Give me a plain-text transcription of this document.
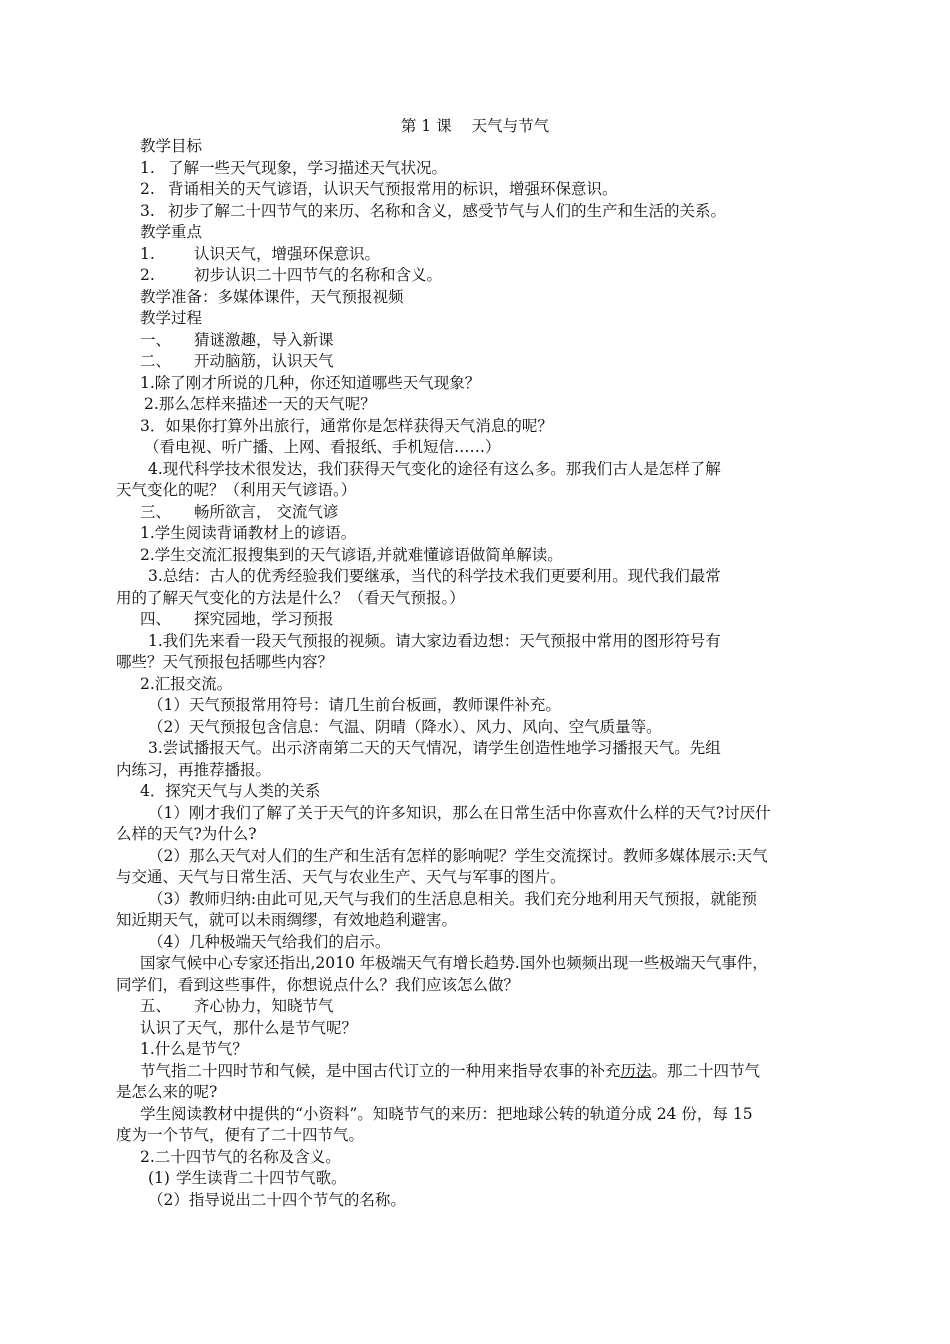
第 1 课 天气与节气
教学目标
1. 了解一些天气现象，学习描述天气状况。
2. 背诵相关的天气谚语，认识天气预报常用的标识，增强环保意识。
3. 初步了解二十四节气的来历、名称和含义，感受节气与人们的生产和生活的关系。
教学重点
1.	认识天气，增强环保意识。
2.	初步认识二十四节气的名称和含义。
教学准备：多媒体课件，天气预报视频
教学过程
一、 猜谜激趣，导入新课
二、 开动脑筋，认识天气
1.除了刚才所说的几种，你还知道哪些天气现象？
2.那么怎样来描述一天的天气呢？
3．如果你打算外出旅行，通常你是怎样获得天气消息的呢？
（看电视、听广播、上网、看报纸、手机短信……）
4.现代科学技术很发达，我们获得天气变化的途径有这么多。那我们古人是怎样了解
天气变化的呢？（利用天气谚语。）
三、 畅所欲言， 交流气谚
1.学生阅读背诵教材上的谚语。
2.学生交流汇报搜集到的天气谚语,并就难懂谚语做简单解读。
3.总结：古人的优秀经验我们要继承，当代的科学技术我们更要利用。现代我们最常
用的了解天气变化的方法是什么？（看天气预报。）
四、 探究园地，学习预报
1.我们先来看一段天气预报的视频。请大家边看边想：天气预报中常用的图形符号有
哪些？天气预报包括哪些内容？
2.汇报交流。
（1）天气预报常用符号：请几生前台板画，教师课件补充。
（2）天气预报包含信息：气温、阴晴（降水）、风力、风向、空气质量等。
3.尝试播报天气。出示济南第二天的天气情况，请学生创造性地学习播报天气。先组
内练习，再推荐播报。
4．探究天气与人类的关系
（1）刚才我们了解了关于天气的许多知识，那么在日常生活中你喜欢什么样的天气?讨厌什
么样的天气?为什么?
（2）那么天气对人们的生产和生活有怎样的影响呢？学生交流探讨。教师多媒体展示:天气
与交通、天气与日常生活、天气与农业生产、天气与军事的图片。
（3）教师归纳:由此可见,天气与我们的生活息息相关。我们充分地利用天气预报，就能预
知近期天气，就可以未雨绸缪，有效地趋利避害。
（4）几种极端天气给我们的启示。
国家气候中心专家还指出,2010 年极端天气有增长趋势.国外也频频出现一些极端天气事件，
同学们，看到这些事件，你想说点什么？我们应该怎么做？
五、 齐心协力，知晓节气
认识了天气，那什么是节气呢？
1.什么是节气？
节气指二十四时节和气候，是中国古代订立的一种用来指导农事的补充历法。那二十四节气
是怎么来的呢?
学生阅读教材中提供的“小资料”。知晓节气的来历：把地球公转的轨道分成 24 份，每 15
度为一个节气，便有了二十四节气。
2.二十四节气的名称及含义。
(1) 学生读背二十四节气歌。
（2）指导说出二十四个节气的名称。
